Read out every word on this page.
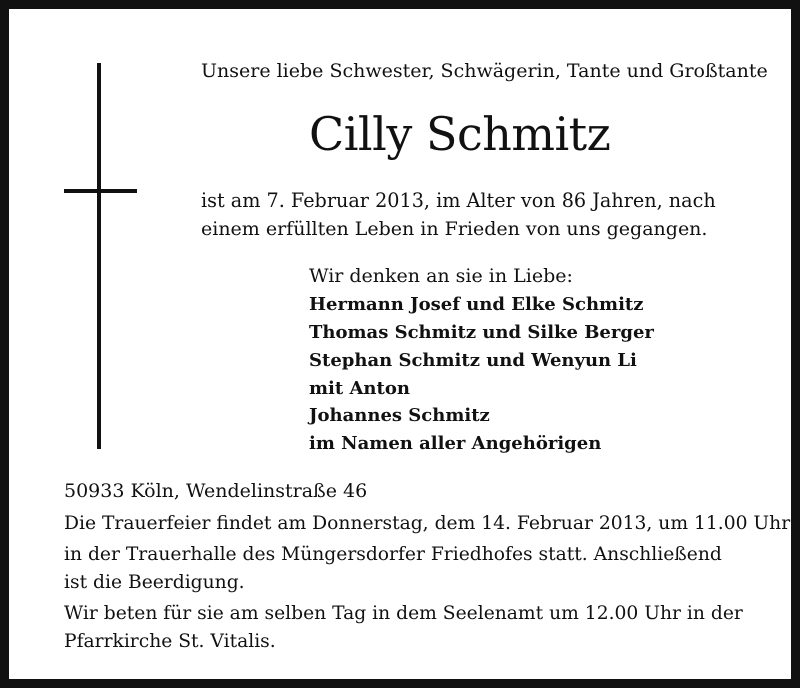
Unsere liebe Schwester, Schwägerin, Tante und Großtante
Cilly Schmitz
ist am 7. Februar 2013, im Alter von 86 Jahren, nach
einem erfüllten Leben in Frieden von uns gegangen.
Wir denken an sie in Liebe:
Hermann Josef und Elke Schmitz
Thomas Schmitz und Silke Berger
Stephan Schmitz und Wenyun Li
mit Anton
Johannes Schmitz
im Namen aller Angehörigen
50933 Köln, Wendelinstraße 46
Die Trauerfeier findet am Donnerstag, dem 14. Februar 2013, um 11.00 Uhr
in der Trauerhalle des Müngersdorfer Friedhofes statt. Anschließend
ist die Beerdigung.
Wir beten für sie am selben Tag in dem Seelenamt um 12.00 Uhr in der
Pfarrkirche St. Vitalis.
